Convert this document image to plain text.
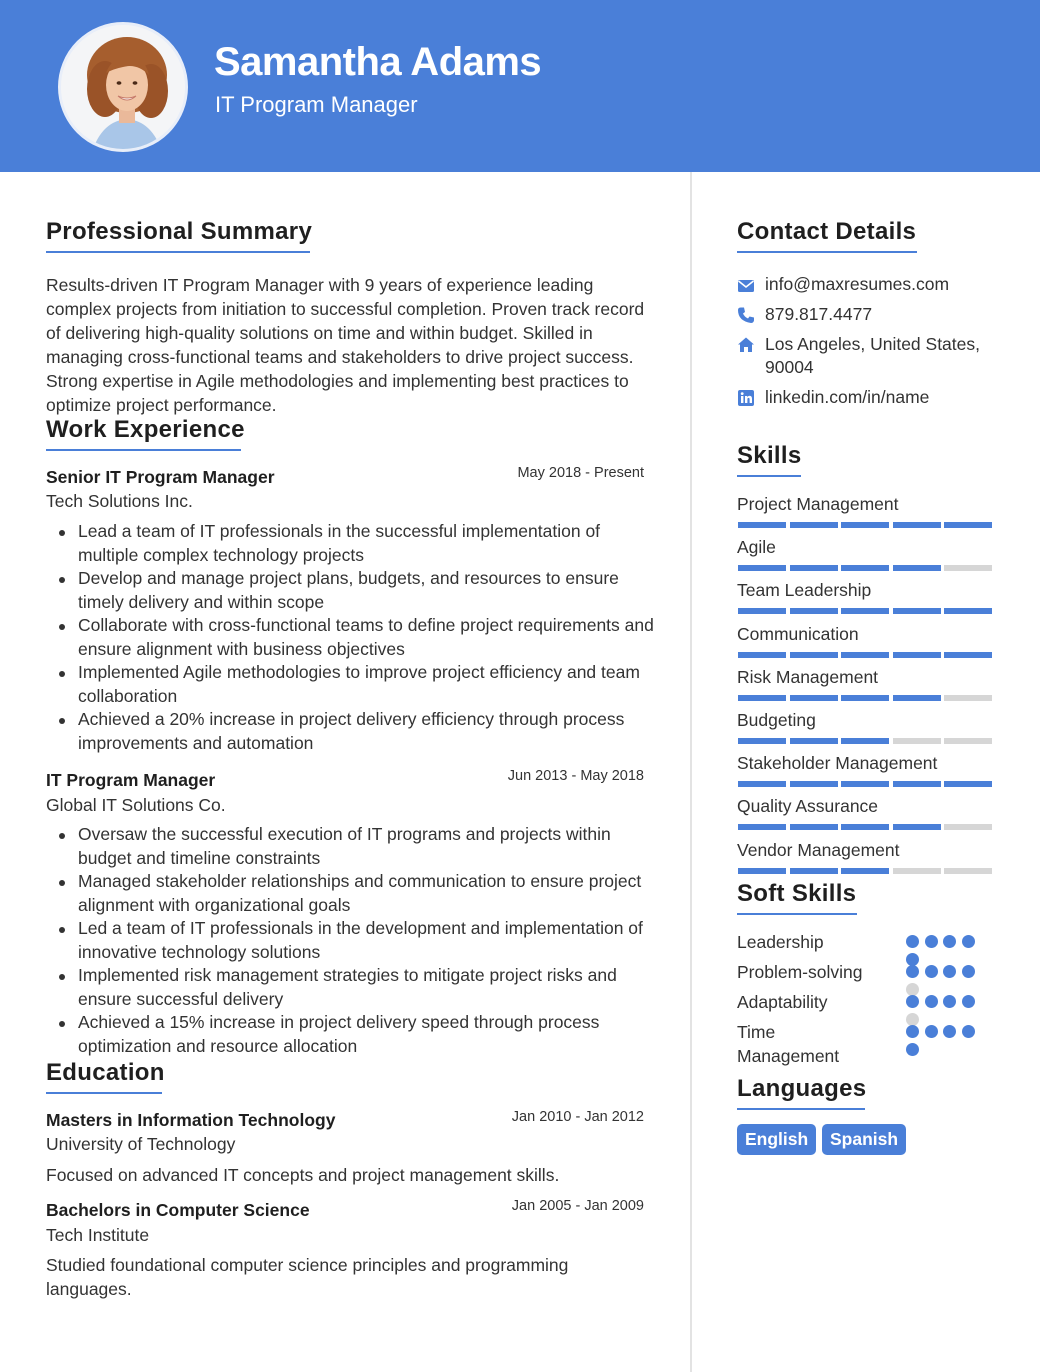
Samantha Adams
IT Program Manager
Professional Summary
Results-driven IT Program Manager with 9 years of experience leading complex projects from initiation to successful completion. Proven track record of delivering high-quality solutions on time and within budget. Skilled in managing cross-functional teams and stakeholders to drive project success. Strong expertise in Agile methodologies and implementing best practices to optimize project performance.
Work Experience
Senior IT Program Manager	May 2018 - Present
Tech Solutions Inc.
Lead a team of IT professionals in the successful implementation of multiple complex technology projects
Develop and manage project plans, budgets, and resources to ensure timely delivery and within scope
Collaborate with cross-functional teams to define project requirements and ensure alignment with business objectives
Implemented Agile methodologies to improve project efficiency and team collaboration
Achieved a 20% increase in project delivery efficiency through process improvements and automation
IT Program Manager	Jun 2013 - May 2018
Global IT Solutions Co.
Oversaw the successful execution of IT programs and projects within budget and timeline constraints
Managed stakeholder relationships and communication to ensure project alignment with organizational goals
Led a team of IT professionals in the development and implementation of innovative technology solutions
Implemented risk management strategies to mitigate project risks and ensure successful delivery
Achieved a 15% increase in project delivery speed through process optimization and resource allocation
Education
Masters in Information Technology	Jan 2010 - Jan 2012
University of Technology
Focused on advanced IT concepts and project management skills.
Bachelors in Computer Science	Jan 2005 - Jan 2009
Tech Institute
Studied foundational computer science principles and programming languages.
Contact Details
info@maxresumes.com
879.817.4477
Los Angeles, United States, 90004
linkedin.com/in/name
Skills
Project Management
Agile
Team Leadership
Communication
Risk Management
Budgeting
Stakeholder Management
Quality Assurance
Vendor Management
Soft Skills
Leadership
Problem-solving
Adaptability
Time Management
Languages
English	Spanish
